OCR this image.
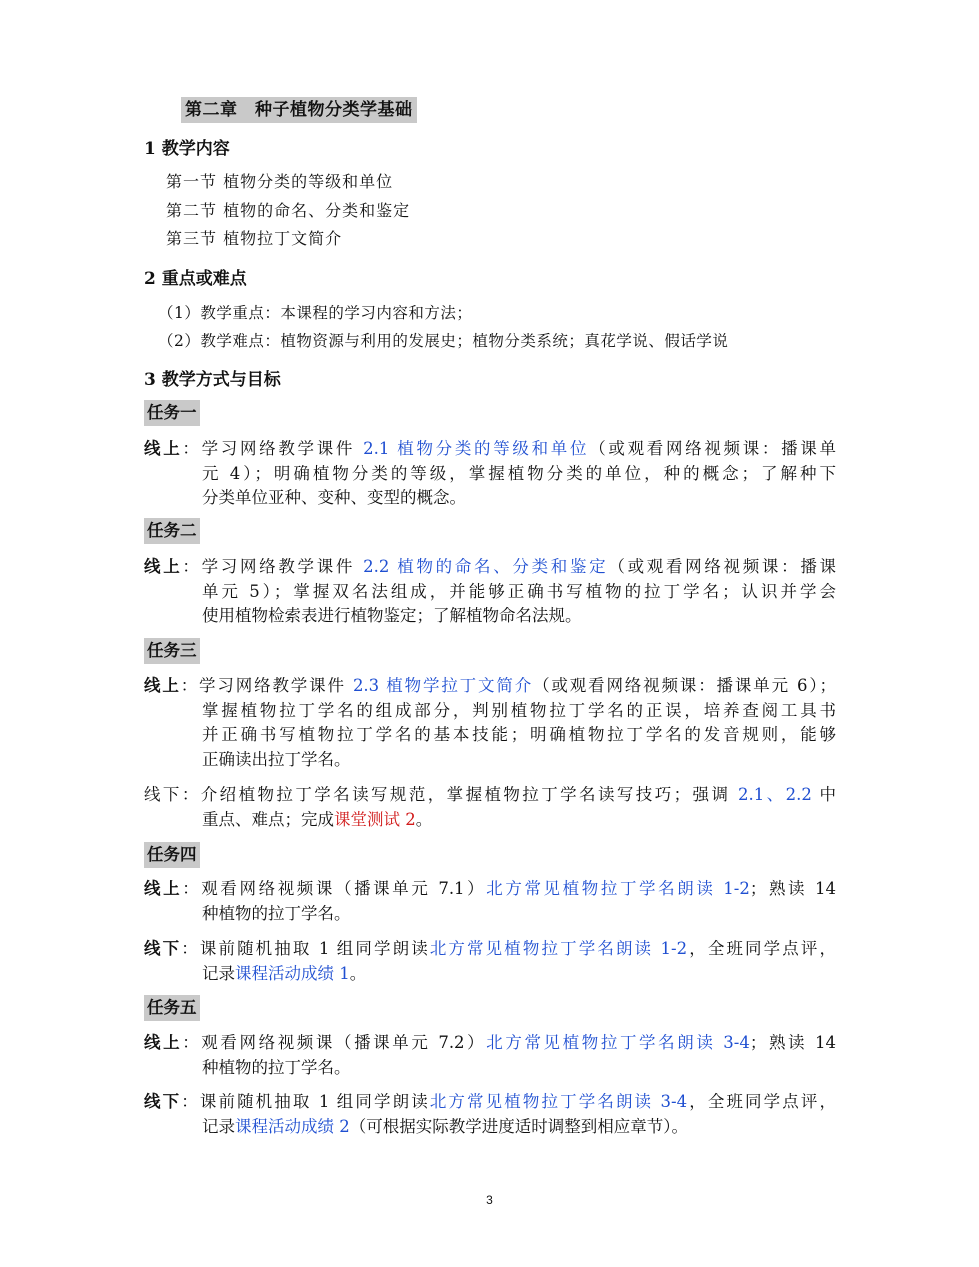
第二章　种子植物分类学基础
1 教学内容
第一节 植物分类的等级和单位
第二节 植物的命名、分类和鉴定
第三节 植物拉丁文简介
2 重点或难点
（1）教学重点：本课程的学习内容和方法；
（2）教学难点：植物资源与利用的发展史；植物分类系统；真花学说、假话学说
3 教学方式与目标
任务一
线上：学习网络教学课件 2.1 植物分类的等级和单位（或观看网络视频课：播课单
元 4）；明确植物分类的等级，掌握植物分类的单位，种的概念；了解种下
分类单位亚种、变种、变型的概念。
任务二
线上：学习网络教学课件 2.2 植物的命名、分类和鉴定（或观看网络视频课：播课
单元 5）；掌握双名法组成，并能够正确书写植物的拉丁学名；认识并学会
使用植物检索表进行植物鉴定；了解植物命名法规。
任务三
线上：学习网络教学课件 2.3 植物学拉丁文简介（或观看网络视频课：播课单元 6）；
掌握植物拉丁学名的组成部分，判别植物拉丁学名的正误，培养查阅工具书
并正确书写植物拉丁学名的基本技能；明确植物拉丁学名的发音规则，能够
正确读出拉丁学名。
线下：介绍植物拉丁学名读写规范，掌握植物拉丁学名读写技巧；强调 2.1、2.2 中
重点、难点；完成课堂测试 2。
任务四
线上：观看网络视频课（播课单元 7.1）北方常见植物拉丁学名朗读 1-2；熟读 14
种植物的拉丁学名。
线下：课前随机抽取 1 组同学朗读北方常见植物拉丁学名朗读 1-2，全班同学点评，
记录课程活动成绩 1。
任务五
线上：观看网络视频课（播课单元 7.2）北方常见植物拉丁学名朗读 3-4；熟读 14
种植物的拉丁学名。
线下：课前随机抽取 1 组同学朗读北方常见植物拉丁学名朗读 3-4，全班同学点评，
记录课程活动成绩 2（可根据实际教学进度适时调整到相应章节）。
3
